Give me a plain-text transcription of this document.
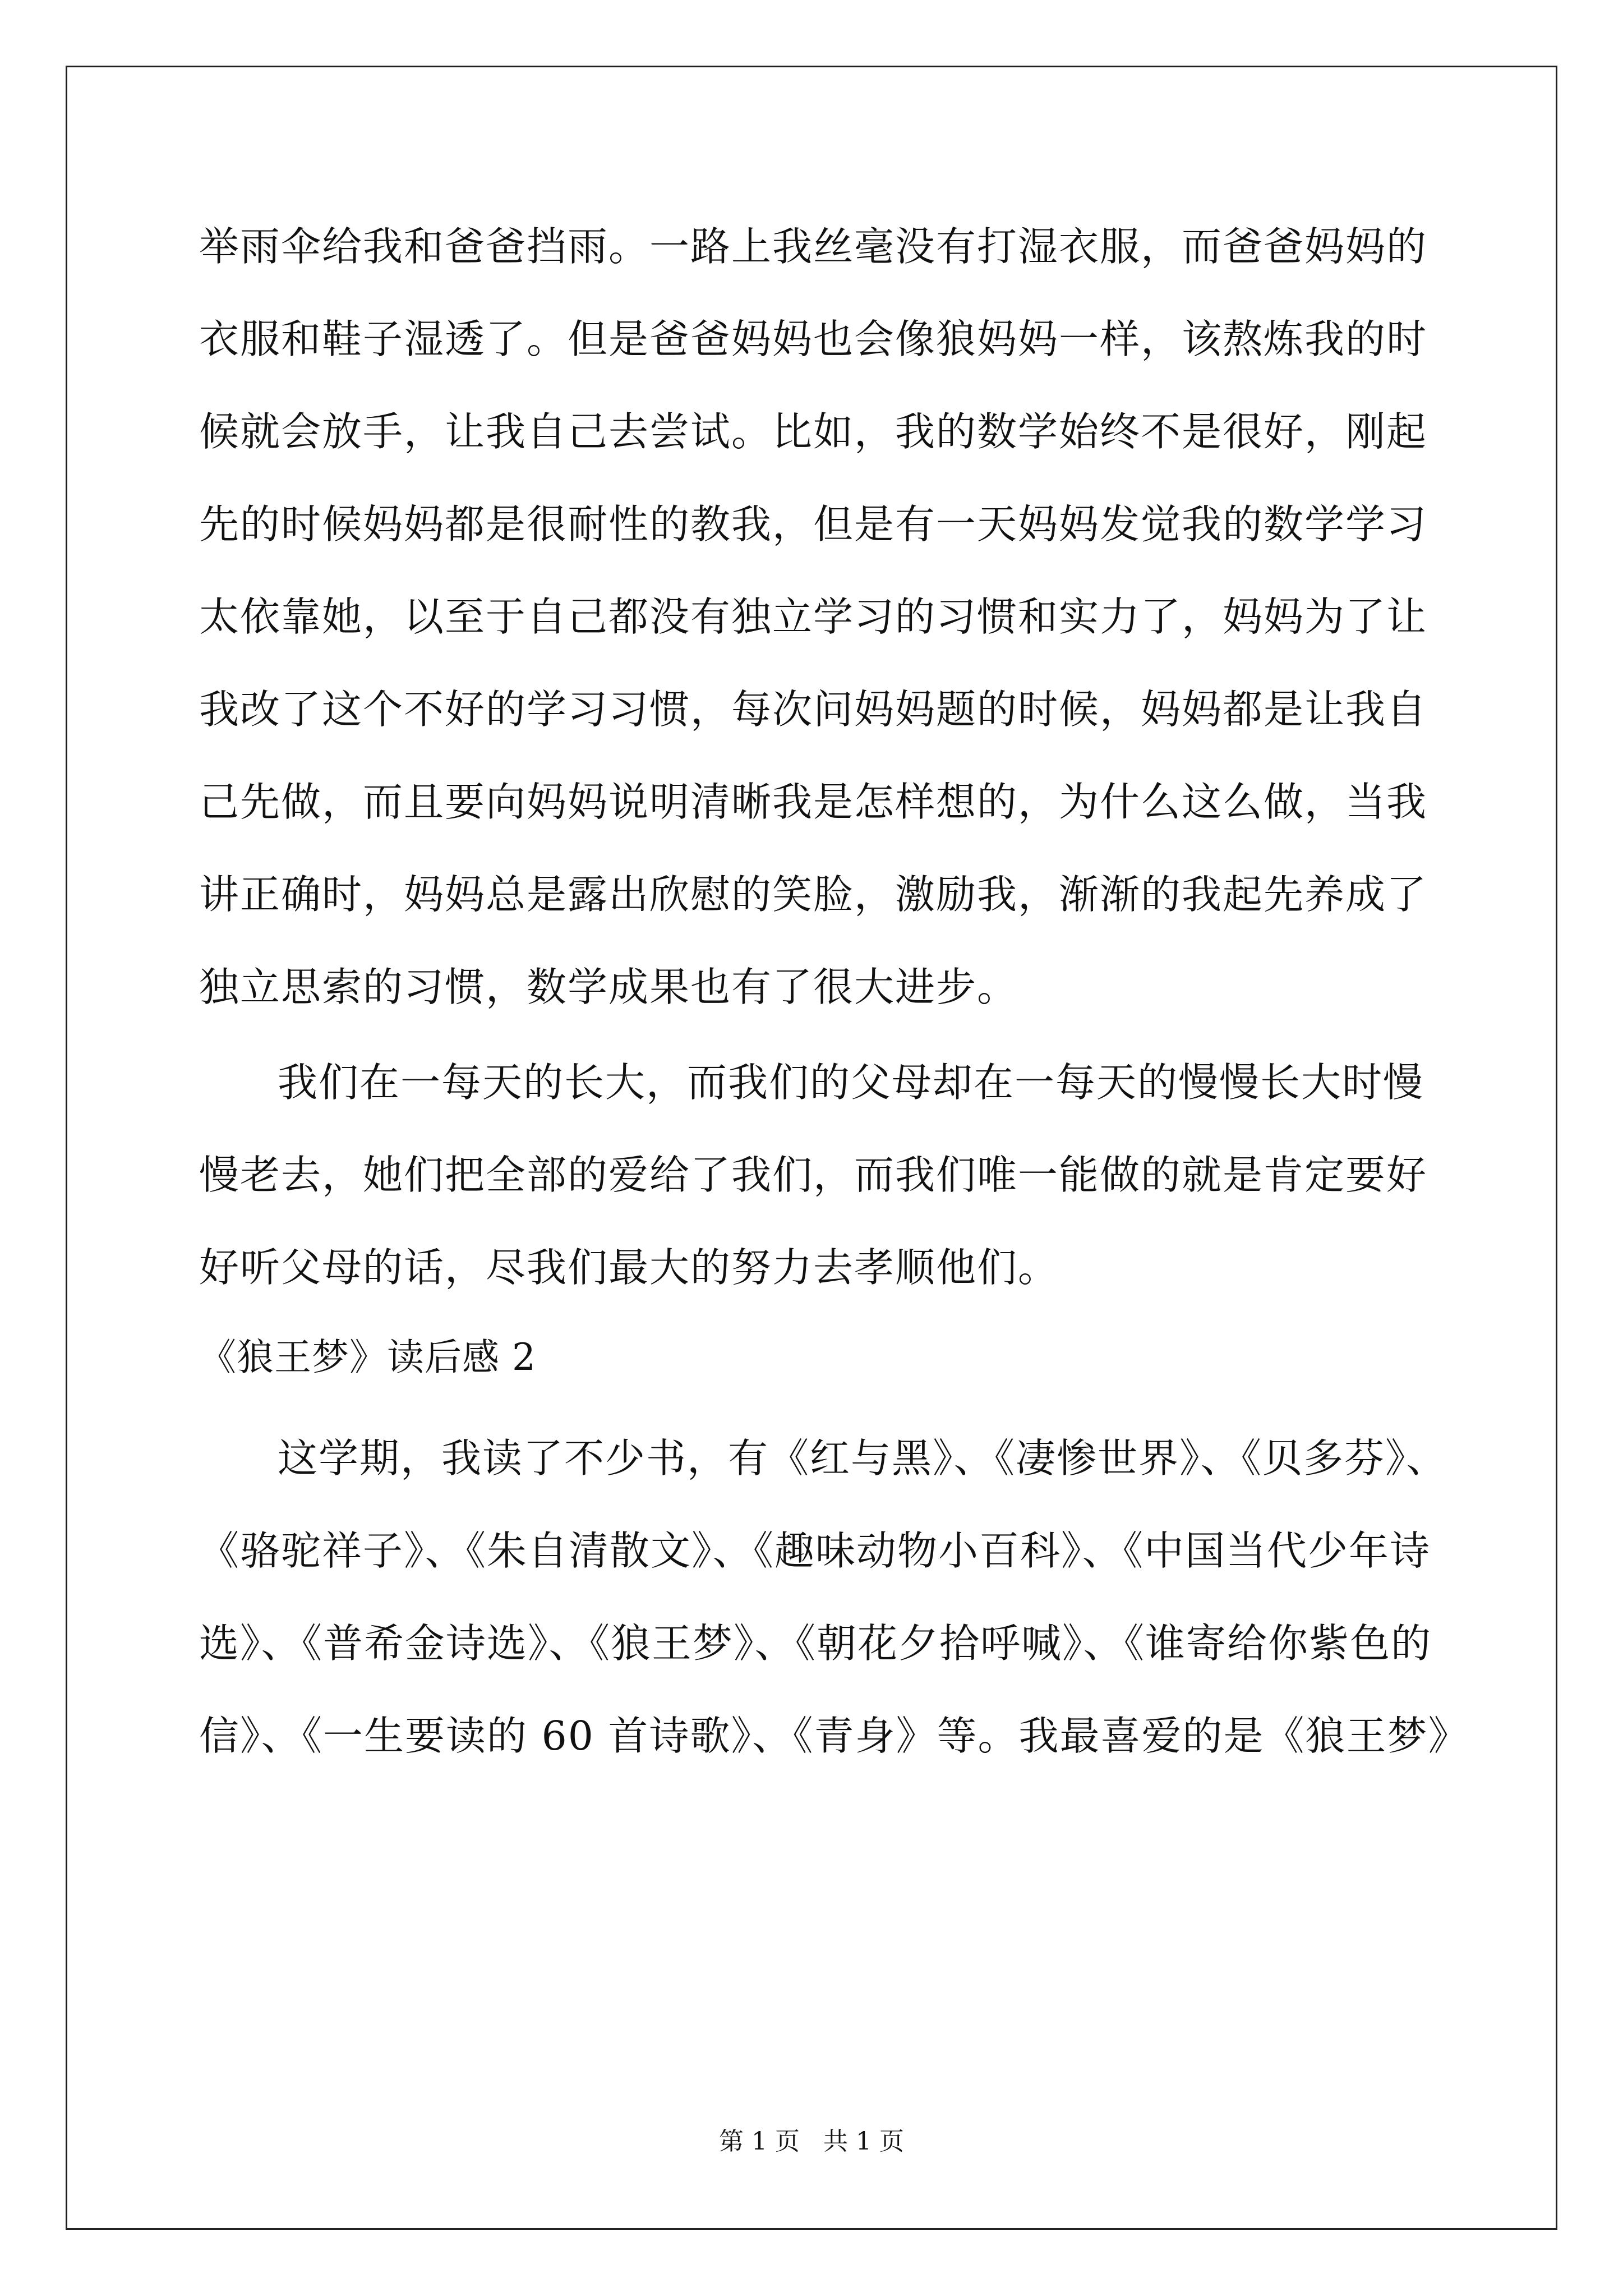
举雨伞给我和爸爸挡雨。一路上我丝毫没有打湿衣服，而爸爸妈妈的
衣服和鞋子湿透了。但是爸爸妈妈也会像狼妈妈一样，该熬炼我的时
候就会放手，让我自己去尝试。比如，我的数学始终不是很好，刚起
先的时候妈妈都是很耐性的教我，但是有一天妈妈发觉我的数学学习
太依靠她，以至于自己都没有独立学习的习惯和实力了，妈妈为了让
我改了这个不好的学习习惯，每次问妈妈题的时候，妈妈都是让我自
己先做，而且要向妈妈说明清晰我是怎样想的，为什么这么做，当我
讲正确时，妈妈总是露出欣慰的笑脸，激励我，渐渐的我起先养成了
独立思索的习惯，数学成果也有了很大进步。
我们在一每天的长大，而我们的父母却在一每天的慢慢长大时慢
慢老去，她们把全部的爱给了我们，而我们唯一能做的就是肯定要好
好听父母的话，尽我们最大的努力去孝顺他们。
《狼王梦》读后感 2
这学期，我读了不少书，有《红与黑》、《凄惨世界》、《贝多芬》、
《骆驼祥子》、《朱自清散文》、《趣味动物小百科》、《中国当代少年诗
选》、《普希金诗选》、《狼王梦》、《朝花夕拾呼喊》、《谁寄给你紫色的
信》、《一生要读的 60 首诗歌》、《青身》等。我最喜爱的是《狼王梦》
第 1 页   共 1 页
